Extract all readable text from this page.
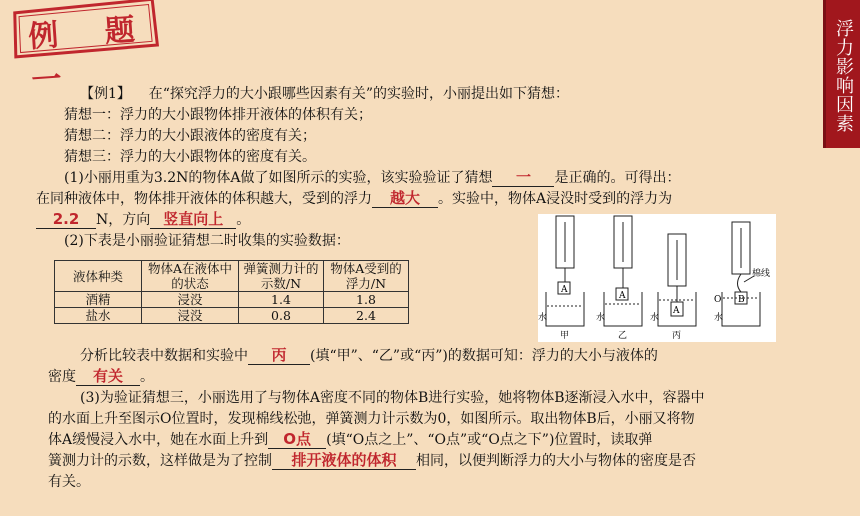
例 题 一	浮力影响因素
【例1】 在“探究浮力的大小跟哪些因素有关”的实验时，小丽提出如下猜想：
猜想一：浮力的大小跟物体排开液体的体积有关；
猜想二：浮力的大小跟液体的密度有关；
猜想三：浮力的大小跟物体的密度有关。
(1)小丽用重为3.2N的物体A做了如图所示的实验，该实验验证了猜想 一 是正确的。可得出：
在同种液体中，物体排开液体的体积越大，受到的浮力 越大 。实验中，物体A浸没时受到的浮力为
2.2 N，方向 竖直向上 。
(2)下表是小丽验证猜想二时收集的实验数据：
液体种类	物体A在液体中的状态	弹簧测力计的示数/N	物体A受到的浮力/N
酒精	浸没	1.4	1.8
盐水	浸没	0.8	2.4
A
水
甲
A
水
乙
A
水
丙
B
O
水
棉线
分析比较表中数据和实验中 丙 (填“甲”、“乙”或“丙”)的数据可知：浮力的大小与液体的
密度 有关 。
(3)为验证猜想三，小丽选用了与物体A密度不同的物体B进行实验，她将物体B逐渐浸入水中，容器中
的水面上升至图示O位置时，发现棉线松弛，弹簧测力计示数为0，如图所示。取出物体B后，小丽又将物
体A缓慢浸入水中，她在水面上升到 O点 (填“O点之上”、“O点”或“O点之下”)位置时，读取弹
簧测力计的示数，这样做是为了控制 排开液体的体积 相同，以便判断浮力的大小与物体的密度是否
有关。
